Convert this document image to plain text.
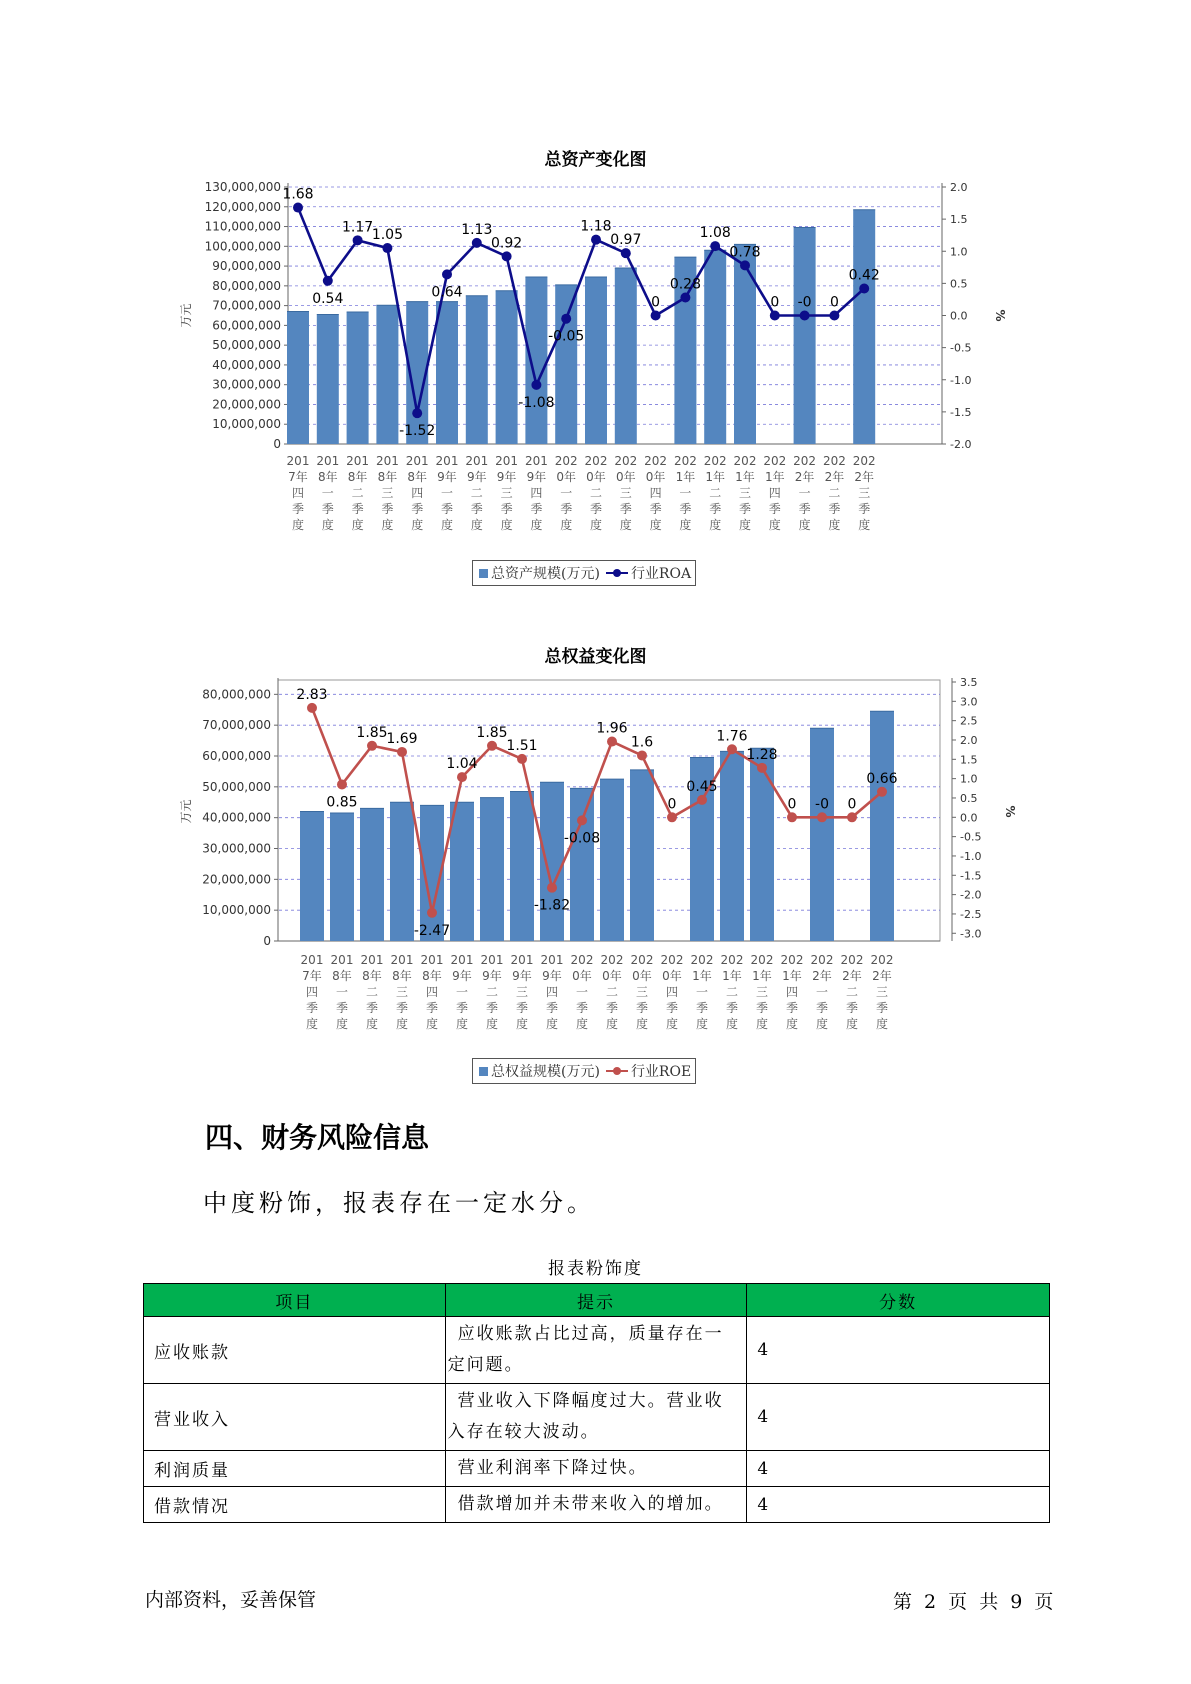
总资产变化图
0
10,000,000
20,000,000
30,000,000
40,000,000
50,000,000
60,000,000
70,000,000
80,000,000
90,000,000
100,000,000
110,000,000
120,000,000
130,000,000
-2.0
-1.5
-1.0
-0.5
0.0
0.5
1.0
1.5
2.0
万元	%
1.68
0.54
1.17
1.05
-1.52
0.64
1.13
0.92
-1.08
-0.05
1.18
0.97
0
0.28
1.08
0.78
0 -0 0
0.42
201
7年
四
季
度
201
8年
一
季
度
201
8年
二
季
度
201
8年
三
季
度
201
8年
四
季
度
201
9年
一
季
度
201
9年
二
季
度
201
9年
三
季
度
201
9年
四
季
度
202
0年
一
季
度
202
0年
二
季
度
202
0年
三
季
度
202
0年
四
季
度
202
1年
一
季
度
202
1年
二
季
度
202
1年
三
季
度
202
1年
四
季
度
202
2年
一
季
度
202
2年
二
季
度
202
2年
三
季
度
总资产规模(万元) 行业ROA
总权益变化图
0
10,000,000
20,000,000
30,000,000
40,000,000
50,000,000
60,000,000
70,000,000
80,000,000
-3.0
-2.5
-2.0
-1.5
-1.0
-0.5
0.0
0.5
1.0
1.5
2.0
2.5
3.0
3.5
万元	%
2.83
0.85
1.85
1.69
-2.47
1.04
1.85
1.51
-1.82
-0.08
1.96
1.6
0
0.45
1.76
1.28
0 -0 0
0.66
201
7年
四
季
度
201
8年
一
季
度
201
8年
二
季
度
201
8年
三
季
度
201
8年
四
季
度
201
9年
一
季
度
201
9年
二
季
度
201
9年
三
季
度
201
9年
四
季
度
202
0年
一
季
度
202
0年
二
季
度
202
0年
三
季
度
202
0年
四
季
度
202
1年
一
季
度
202
1年
二
季
度
202
1年
三
季
度
202
1年
四
季
度
202
2年
一
季
度
202
2年
二
季
度
202
2年
三
季
度
总权益规模(万元) 行业ROE
四、财务风险信息
中度粉饰，报表存在一定水分。
报表粉饰度
项目	提示	分数
应收账款	应收账款占比过高，质量存在一
定问题。	4
营业收入	营业收入下降幅度过大。营业收
入存在较大波动。	4
利润质量	营业利润率下降过快。	4
借款情况	借款增加并未带来收入的增加。	4
内部资料，妥善保管	第 2 页 共 9 页
